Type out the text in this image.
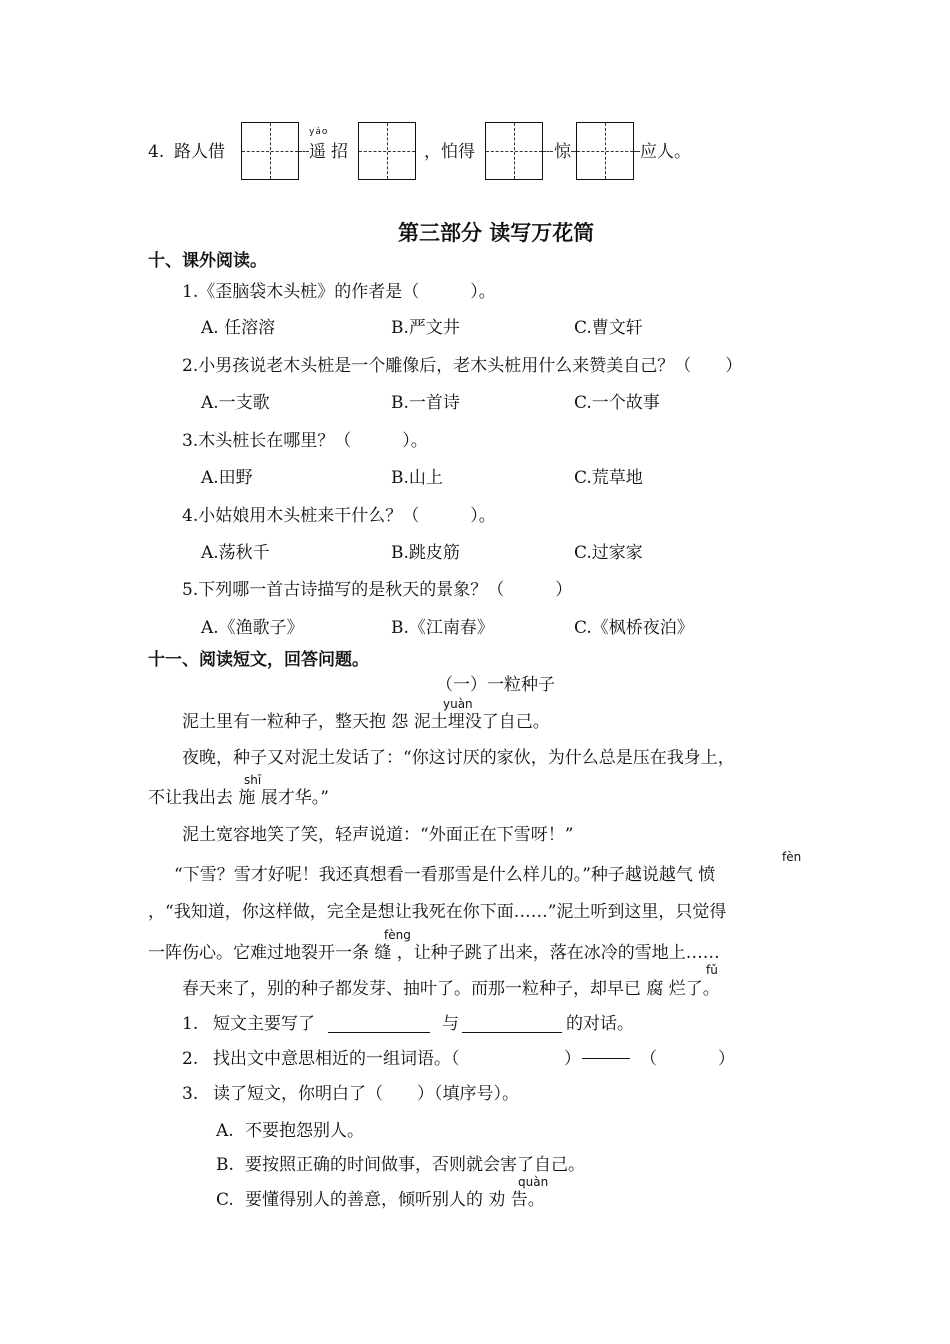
4. 路人借
yáo
遥 招	，怕得	惊	应人。
第三部分 读写万花筒
十、课外阅读。
1.《歪脑袋木头桩》的作者是（　　　）。
A. 任溶溶	B.严文井	C.曹文轩
2.小男孩说老木头桩是一个雕像后，老木头桩用什么来赞美自己？（　　）
A.一支歌	B.一首诗	C.一个故事
3.木头桩长在哪里？（　　　）。
A.田野	B.山上	C.荒草地
4.小姑娘用木头桩来干什么？（　　　）。
A.荡秋千	B.跳皮筋	C.过家家
5.下列哪一首古诗描写的是秋天的景象？（　　　）
A.《渔歌子》	B.《江南春》	C.《枫桥夜泊》
十一、阅读短文，回答问题。
（一）一粒种子
yuàn
泥土里有一粒种子，整天抱 怨 泥土埋没了自己。
夜晚，种子又对泥土发话了：“你这讨厌的家伙，为什么总是压在我身上，
shī
不让我出去 施 展才华。”
泥土宽容地笑了笑，轻声说道：“外面正在下雪呀！”
fèn
“下雪？雪才好呢！我还真想看一看那雪是什么样儿的。”种子越说越气 愤
，“我知道，你这样做，完全是想让我死在你下面……”泥土听到这里，只觉得
fèng
一阵伤心。它难过地裂开一条 缝 ，让种子跳了出来，落在冰冷的雪地上……
fǔ
春天来了，别的种子都发芽、抽叶了。而那一粒种子，却早已 腐 烂了。
1. 短文主要写了	与	的对话。
2. 找出文中意思相近的一组词语。（	）	（	）
3. 读了短文，你明白了（　　）（填序号）。
A. 不要抱怨别人。
B. 要按照正确的时间做事，否则就会害了自己。
quàn
C. 要懂得别人的善意，倾听别人的 劝 告。
